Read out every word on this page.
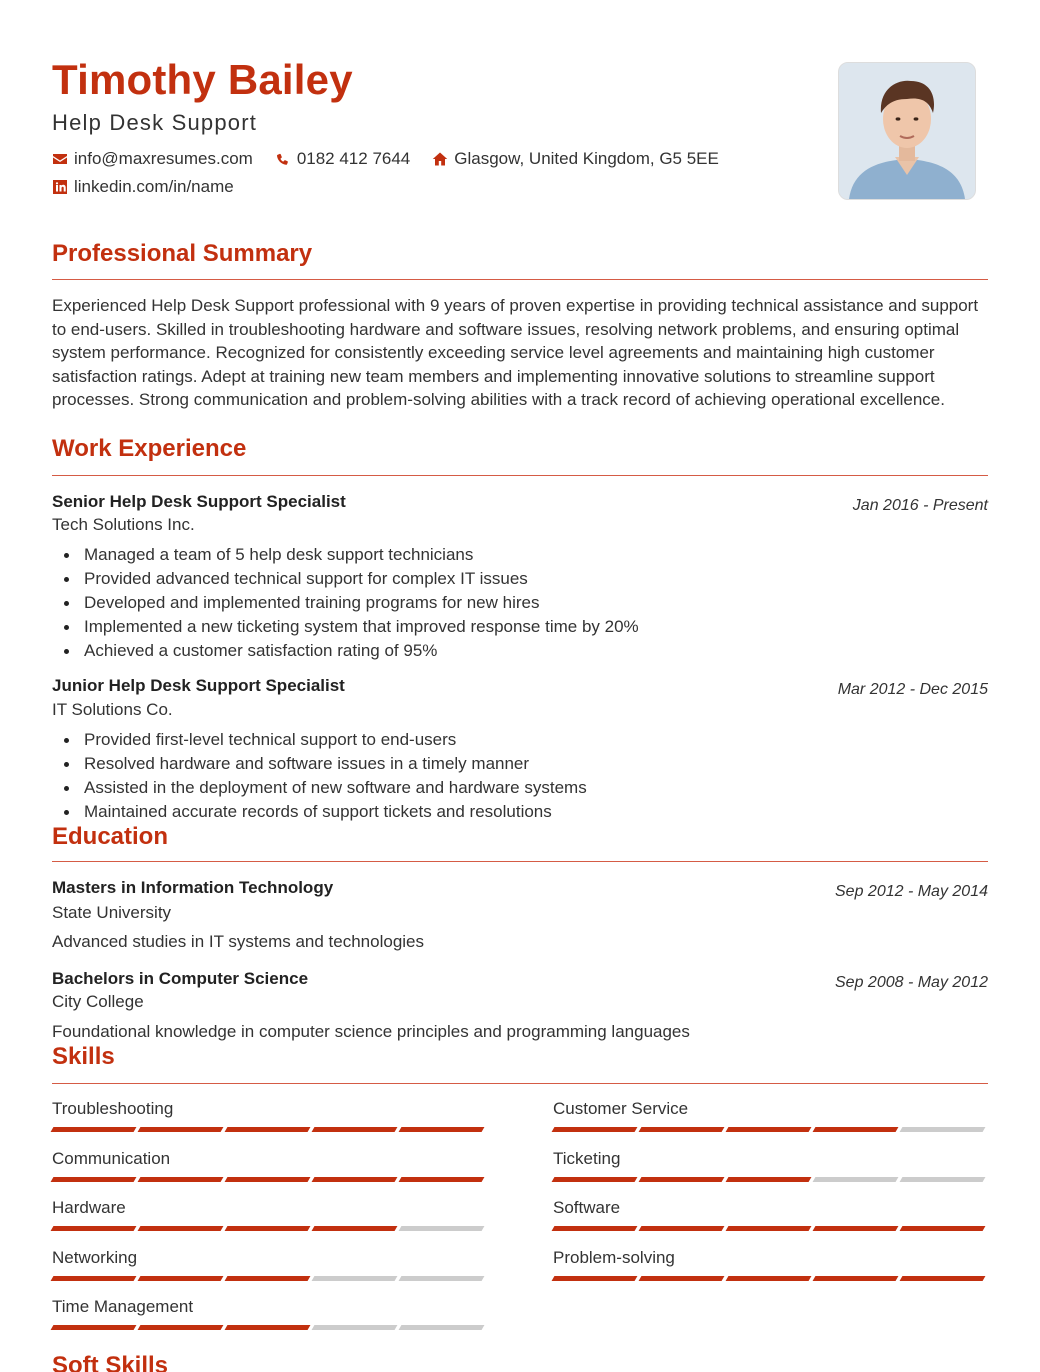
Timothy Bailey
Help Desk Support
info@maxresumes.com	0182 412 7644	Glasgow, United Kingdom, G5 5EE
linkedin.com/in/name
Professional Summary

Experienced Help Desk Support professional with 9 years of proven expertise in providing technical assistance and support to end-users. Skilled in troubleshooting hardware and software issues, resolving network problems, and ensuring optimal system performance. Recognized for consistently exceeding service level agreements and maintaining high customer satisfaction ratings. Adept at training new team members and implementing innovative solutions to streamline support processes. Strong communication and problem-solving abilities with a track record of achieving operational excellence.

Work Experience
Senior Help Desk Support Specialist	Jan 2016 - Present
Tech Solutions Inc.
Managed a team of 5 help desk support technicians
Provided advanced technical support for complex IT issues
Developed and implemented training programs for new hires
Implemented a new ticketing system that improved response time by 20%
Achieved a customer satisfaction rating of 95%
Junior Help Desk Support Specialist	Mar 2012 - Dec 2015
IT Solutions Co.
Provided first-level technical support to end-users
Resolved hardware and software issues in a timely manner
Assisted in the deployment of new software and hardware systems
Maintained accurate records of support tickets and resolutions
Education
Masters in Information Technology	Sep 2012 - May 2014
State University
Advanced studies in IT systems and technologies
Bachelors in Computer Science	Sep 2008 - May 2012
City College
Foundational knowledge in computer science principles and programming languages
Skills
Troubleshooting	Customer Service
Communication	Ticketing
Hardware	Software
Networking	Problem-solving
Time Management
Soft Skills
